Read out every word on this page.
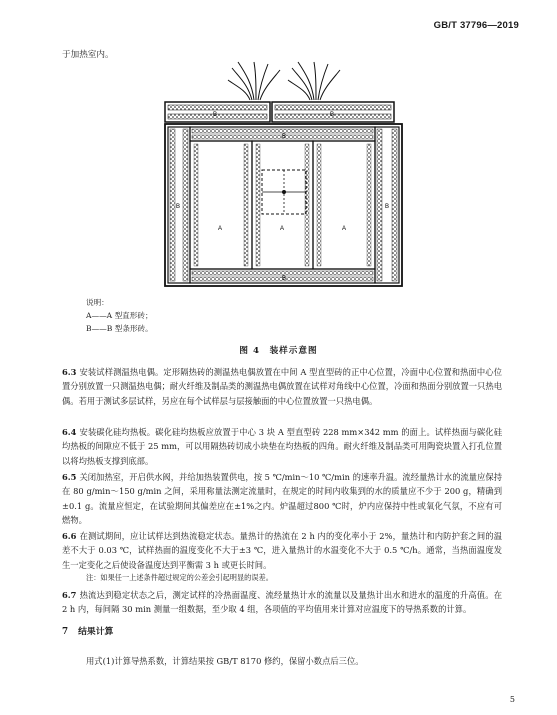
GB/T 37796—2019
于加热室内。
B	B
B	B
B
A	A	A
B
说明：
A——A 型直形砖；
B——B 型条形砖。
图 4　装样示意图
6.3 安装试样测温热电偶。定形隔热砖的测温热电偶放置在中间 A 型直型砖的正中心位置，冷面中心位置和热面中心位置分别放置一只测温热电偶；耐火纤维及制品类的测温热电偶放置在试样对角线中心位置，冷面和热面分别放置一只热电偶。若用于测试多层试样，另应在每个试样层与层接触面的中心位置放置一只热电偶。
6.4 安装碳化硅均热板。碳化硅均热板应放置于中心 3 块 A 型直型砖 228 mm×342 mm 的面上。试样热面与碳化硅均热板的间隙应不低于 25 mm，可以用隔热砖切成小块垫在均热板的四角。耐火纤维及制品类可用陶瓷块置入打孔位置以将均热板支撑到底部。
6.5 关闭加热室，开启供水阀，并给加热装置供电，按 5 ℃/min～10 ℃/min 的速率升温。流经量热计水的流量应保持在 80 g/min～150 g/min 之间，采用称量法测定流量时，在规定的时间内收集到的水的质量应不少于 200 g，精确到±0.1 g。流量应恒定，在试验期间其偏差应在±1%之内。炉温超过800 ℃时，炉内应保持中性或氧化气氛，不应有可燃物。
6.6 在测试期间，应让试样达到热流稳定状态。量热计的热流在 2 h 内的变化率小于 2%，量热计和内防护套之间的温差不大于 0.03 ℃，试样热面的温度变化不大于±3 ℃，进入量热计的水温变化不大于 0.5 ℃/h。通常，当热面温度发生一定变化之后使设备温度达到平衡需 3 h 或更长时间。
注：如果任一上述条件超过规定的公差会引起明显的误差。
6.7 热流达到稳定状态之后，测定试样的冷热面温度、流经量热计水的流量以及量热计出水和进水的温度的升高值。在 2 h 内，每间隔 30 min 测量一组数据，至少取 4 组，各项值的平均值用来计算对应温度下的导热系数的计算。
7 结果计算
用式(1)计算导热系数，计算结果按 GB/T 8170 修约，保留小数点后三位。
5
